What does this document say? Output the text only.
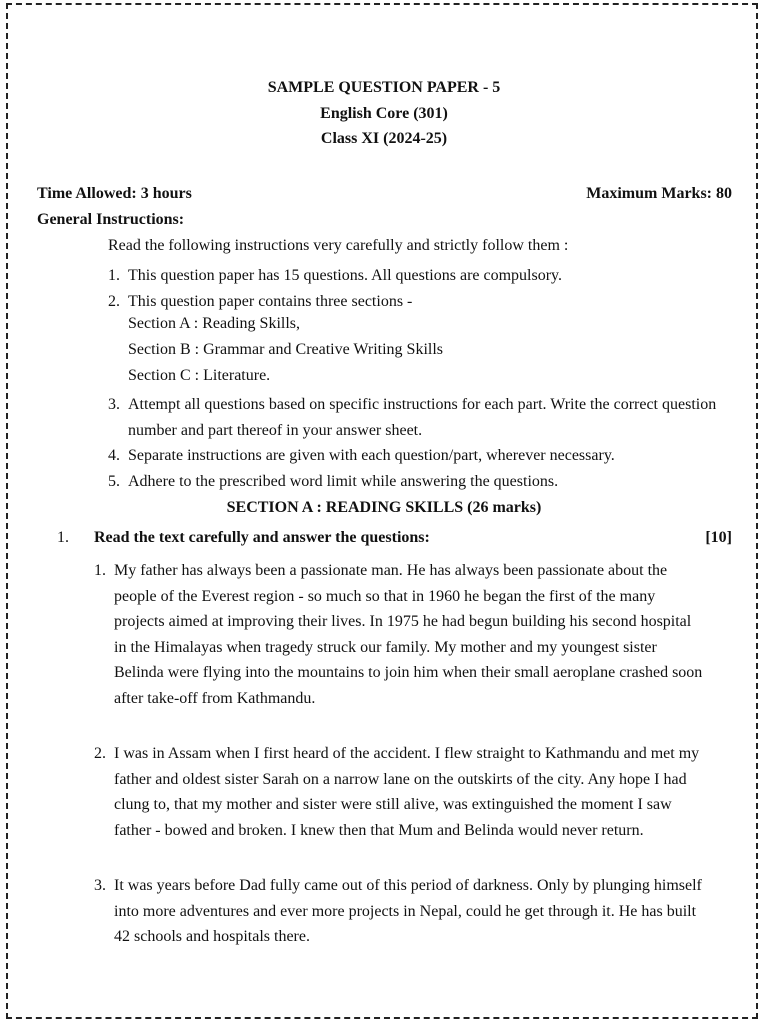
SAMPLE QUESTION PAPER - 5
English Core (301)
Class XI (2024-25)
Time Allowed: 3 hours	Maximum Marks: 80
General Instructions:
Read the following instructions very carefully and strictly follow them :
1. This question paper has 15 questions. All questions are compulsory.
2. This question paper contains three sections -
Section A : Reading Skills,
Section B : Grammar and Creative Writing Skills
Section C : Literature.
3. Attempt all questions based on specific instructions for each part. Write the correct question number and part thereof in your answer sheet.
4. Separate instructions are given with each question/part, wherever necessary.
5. Adhere to the prescribed word limit while answering the questions.
SECTION A : READING SKILLS (26 marks)
1. Read the text carefully and answer the questions:	[10]
1. My father has always been a passionate man. He has always been passionate about the people of the Everest region - so much so that in 1960 he began the first of the many projects aimed at improving their lives. In 1975 he had begun building his second hospital in the Himalayas when tragedy struck our family. My mother and my youngest sister Belinda were flying into the mountains to join him when their small aeroplane crashed soon after take-off from Kathmandu.
2. I was in Assam when I first heard of the accident. I flew straight to Kathmandu and met my father and oldest sister Sarah on a narrow lane on the outskirts of the city. Any hope I had clung to, that my mother and sister were still alive, was extinguished the moment I saw father - bowed and broken. I knew then that Mum and Belinda would never return.
3. It was years before Dad fully came out of this period of darkness. Only by plunging himself into more adventures and ever more projects in Nepal, could he get through it. He has built 42 schools and hospitals there.
